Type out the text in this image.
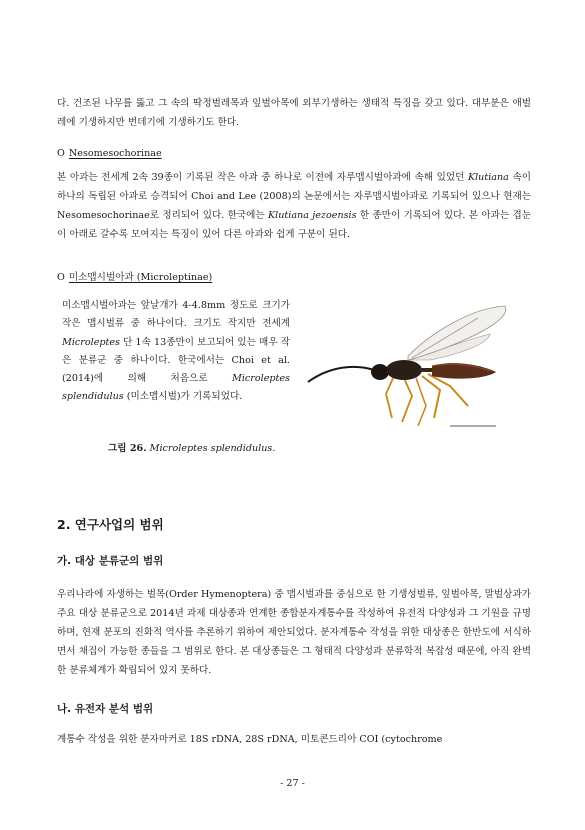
다. 건조된 나무를 뚫고 그 속의 딱정벌레목과 잎벌아목에 외부기생하는 생태적 특징을 갖고 있다. 대부분은 애벌레에 기생하지만 번데기에 기생하기도 한다.

O Nesomesochorinae

본 아과는 전세계 2속 39종이 기록된 작은 아과 중 하나로 이전에 자루맵시벌아과에 속해 있었던 Klutiana 속이 하나의 독립된 아과로 승격되어 Choi and Lee (2008)의 논문에서는 자루맵시벌아과로 기록되어 있으나 현재는 Nesomesochorinae로 정리되어 있다. 한국에는 Klutiana jezoensis 한 종만이 기록되어 있다. 본 아과는 겹눈이 아래로 갈수록 모여지는 특징이 있어 다른 아과와 쉽게 구분이 된다.

O 미소맵시벌아과 (Microleptinae)

미소맵시벌아과는 앞날개가 4-4.8mm 정도로 크기가 작은 맵시벌류 중 하나이다. 크기도 작지만 전세계 Microleptes 단 1속 13종만이 보고되어 있는 매우 작은 분류군 중 하나이다. 한국에서는 Choi et al. (2014)에 의해 처음으로 Microleptes splendidulus (미소맵시벌)가 기록되었다.

그림 26. Microleptes splendidulus.

2. 연구사업의 범위
가. 대상 분류군의 범위

우리나라에 자생하는 벌목(Order Hymenoptera) 중 맵시벌과를 중심으로 한 기생성벌류, 잎벌아목, 말벌상과가 주요 대상 분류군으로 2014년 과제 대상종과 연계한 종합분자계통수를 작성하여 유전적 다양성과 그 기원을 규명하며, 현재 분포의 진화적 역사를 추론하기 위하여 제안되었다. 분자계통수 작성을 위한 대상종은 한반도에 서식하면서 채집이 가능한 종들을 그 범위로 한다. 본 대상종들은 그 형태적 다양성과 분류학적 복잡성 때문에, 아직 완벽한 분류체계가 확립되어 있지 못하다.

나. 유전자 분석 범위

계통수 작성을 위한 분자마커로 18S rDNA, 28S rDNA, 미토콘드리아 COI (cytochrome

- 27 -
